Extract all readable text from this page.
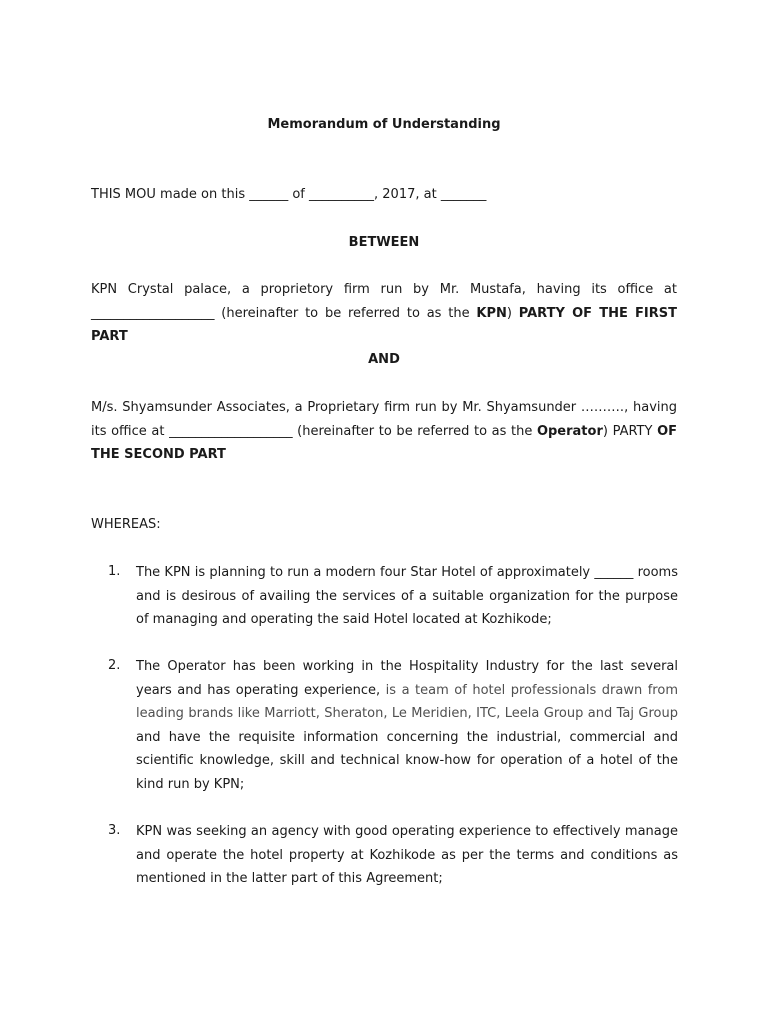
Memorandum of Understanding

THIS MOU made on this ______ of __________, 2017, at _______

BETWEEN

KPN Crystal palace, a proprietory firm run by Mr. Mustafa, having its office at ___________________ (hereinafter to be referred to as the KPN) PARTY OF THE FIRST PART

AND

M/s. Shyamsunder Associates, a Proprietary firm run by Mr. Shyamsunder ………., having its office at ___________________ (hereinafter to be referred to as the Operator) PARTY OF THE SECOND PART

WHEREAS:

1.	The KPN is planning to run a modern four Star Hotel of approximately ______ rooms and is desirous of availing the services of a suitable organization for the purpose of managing and operating the said Hotel located at Kozhikode;
2.	The Operator has been working in the Hospitality Industry for the last several years and has operating experience, is a team of hotel professionals drawn from leading brands like Marriott, Sheraton, Le Meridien, ITC, Leela Group and Taj Group and have the requisite information concerning the industrial, commercial and scientific knowledge, skill and technical know-how for operation of a hotel of the kind run by KPN;
3.	KPN was seeking an agency with good operating experience to effectively manage and operate the hotel property at Kozhikode as per the terms and conditions as mentioned in the latter part of this Agreement;
